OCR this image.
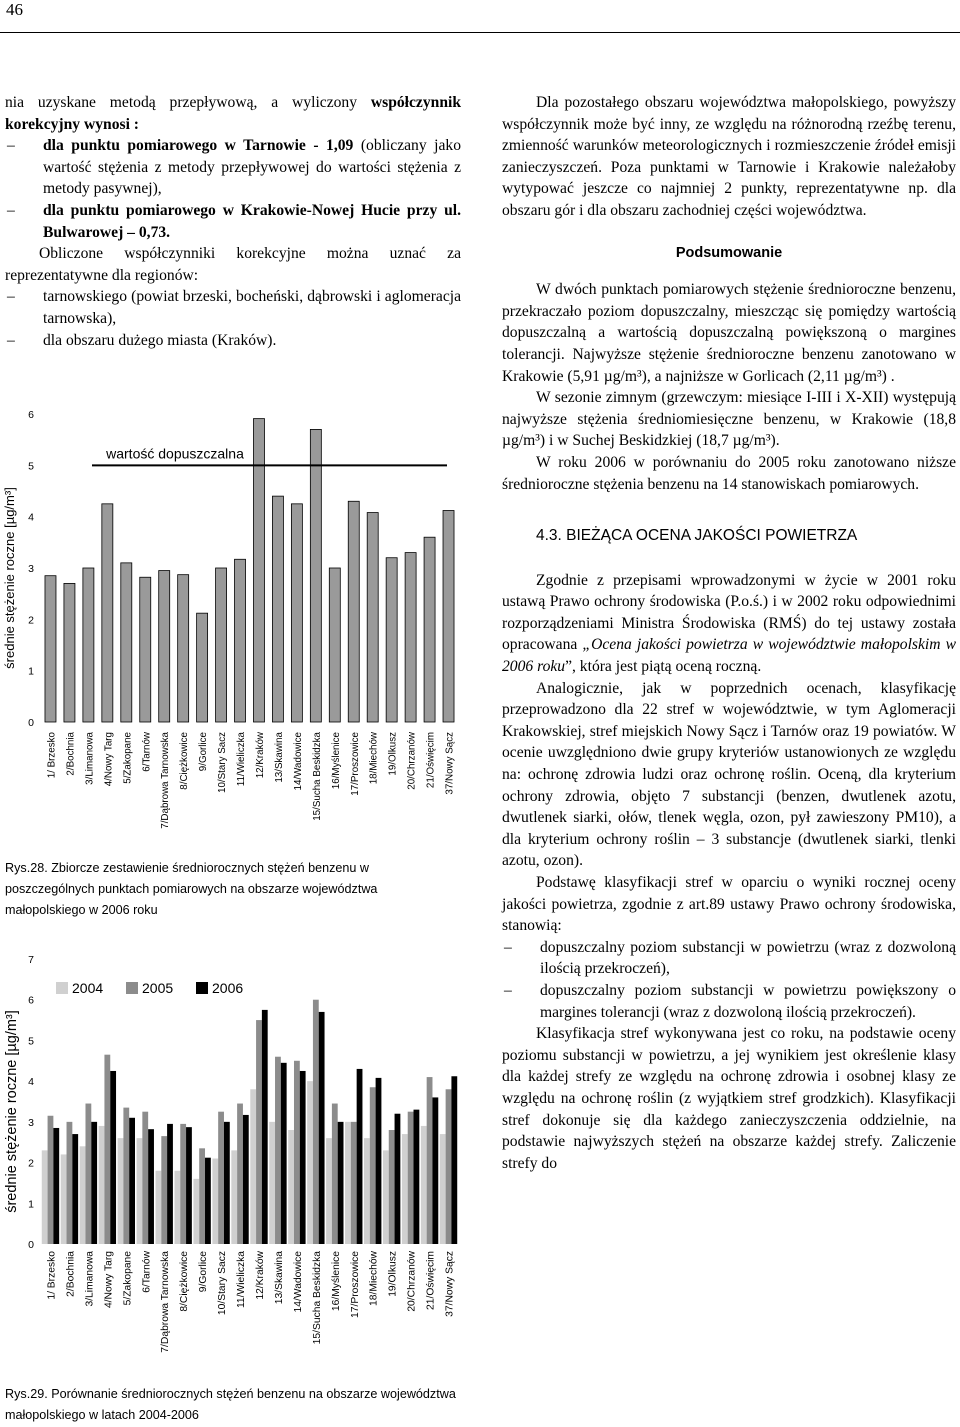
46

nia uzyskane metodą przepływową, a wyliczony współczynnik korekcyjny wynosi :

– dla punktu pomiarowego w Tarnowie - 1,09 (obliczany jako wartość stężenia z metody przepływowej do wartości stężenia z metody pasywnej),

– dla punktu pomiarowego w Krakowie-Nowej Hucie przy ul. Bulwarowej – 0,73.

Obliczone współczynniki korekcyjne można uznać za reprezentatywne dla regionów:

– tarnowskiego (powiat brzeski, bocheński, dąbrowski i aglomeracja tarnowska),

– dla obszaru dużego miasta (Kraków).

0
1
2
3
4
5
6
średnie stężenie roczne [µg/m³]
1/ Brzesko 2/Bochnia 3/Limanowa 4/Nowy Targ 5/Zakopane 6/Tarnów 7/Dąbrowa Tarnowska 8/Ciężkowice 9/Gorlice 10/Stary Sacz 11/Wieliczka 12/Kraków 13/Skawina 14/Wadowice 15/Sucha Beskidzka 16/Myślenice 17/Proszowice 18/Miechów 19/Olkusz 20/Chrzanów 21/Oświęcim 37/Nowy Sącz
wartość dopuszczalna
Rys.28. Zbiorcze zestawienie średniorocznych stężeń benzenu w poszczególnych punktach pomiarowych na obszarze województwa małopolskiego w 2006 roku
0
1
2
3
4
5
6
7
średnie stężenie roczne [µg/m³]
1/ Brzesko 2/Bochnia 3/Limanowa 4/Nowy Targ 5/Zakopane 6/Tarnów 7/Dąbrowa Tarnowska 8/Ciężkowice 9/Gorlice 10/Stary Sacz 11/Wieliczka 12/Kraków 13/Skawina 14/Wadowice 15/Sucha Beskidzka 16/Myślenice 17/Proszowice 18/Miechów 19/Olkusz 20/Chrzanów 21/Oświęcim 37/Nowy Sącz
2004	2005	2006
Rys.29. Porównanie średniorocznych stężeń benzenu na obszarze województwa małopolskiego w latach 2004-2006

Dla pozostałego obszaru województwa małopolskiego, powyższy współczynnik może być inny, ze względu na różnorodną rzeźbę terenu, zmienność warunków meteorologicznych i rozmieszczenie źródeł emisji zanieczyszczeń. Poza punktami w Tarnowie i Krakowie należałoby wytypować jeszcze co najmniej 2 punkty, reprezentatywne np. dla obszaru gór i dla obszaru zachodniej części województwa.

Podsumowanie

W dwóch punktach pomiarowych stężenie średnioroczne benzenu, przekraczało poziom dopuszczalny, mieszcząc się pomiędzy wartością dopuszczalną a wartością dopuszczalną powiększoną o margines tolerancji. Najwyższe stężenie średnioroczne benzenu zanotowano w Krakowie (5,91 µg/m³), a najniższe w Gorlicach (2,11 µg/m³) .

W sezonie zimnym (grzewczym: miesiące I-III i X-XII) występują najwyższe stężenia średniomiesięczne benzenu, w Krakowie (18,8 µg/m³) i w Suchej Beskidzkiej (18,7 µg/m³).

W roku 2006 w porównaniu do 2005 roku zanotowano niższe średnioroczne stężenia benzenu na 14 stanowiskach pomiarowych.

4.3. BIEŻĄCA OCENA JAKOŚCI POWIETRZA

Zgodnie z przepisami wprowadzonymi w życie w 2001 roku ustawą Prawo ochrony środowiska (P.o.ś.) i w 2002 roku odpowiednimi rozporządzeniami Ministra Środowiska (RMŚ) do tej ustawy została opracowana „Ocena jakości powietrza w województwie małopolskim w 2006 roku”, która jest piątą oceną roczną.

Analogicznie, jak w poprzednich ocenach, klasyfikację przeprowadzono dla 22 stref w województwie, w tym Aglomeracji Krakowskiej, stref miejskich Nowy Sącz i Tarnów oraz 19 powiatów. W ocenie uwzględniono dwie grupy kryteriów ustanowionych ze względu na: ochronę zdrowia ludzi oraz ochronę roślin. Oceną, dla kryterium ochrony zdrowia, objęto 7 substancji (benzen, dwutlenek azotu, dwutlenek siarki, ołów, tlenek węgla, ozon, pył zawieszony PM10), a dla kryterium ochrony roślin – 3 substancje (dwutlenek siarki, tlenki azotu, ozon).

Podstawę klasyfikacji stref w oparciu o wyniki rocznej oceny jakości powietrza, zgodnie z art.89 ustawy Prawo ochrony środowiska, stanowią:

– dopuszczalny poziom substancji w powietrzu (wraz z dozwoloną ilością przekroczeń),

– dopuszczalny poziom substancji w powietrzu powiększony o margines tolerancji (wraz z dozwoloną ilością przekroczeń).

Klasyfikacja stref wykonywana jest co roku, na podstawie oceny poziomu substancji w powietrzu, a jej wynikiem jest określenie klasy dla każdej strefy ze względu na ochronę zdrowia i osobnej klasy ze względu na ochronę roślin (z wyjątkiem stref grodzkich). Klasyfikacji stref dokonuje się dla każdego zanieczyszczenia oddzielnie, na podstawie najwyższych stężeń na obszarze każdej strefy. Zaliczenie strefy do
